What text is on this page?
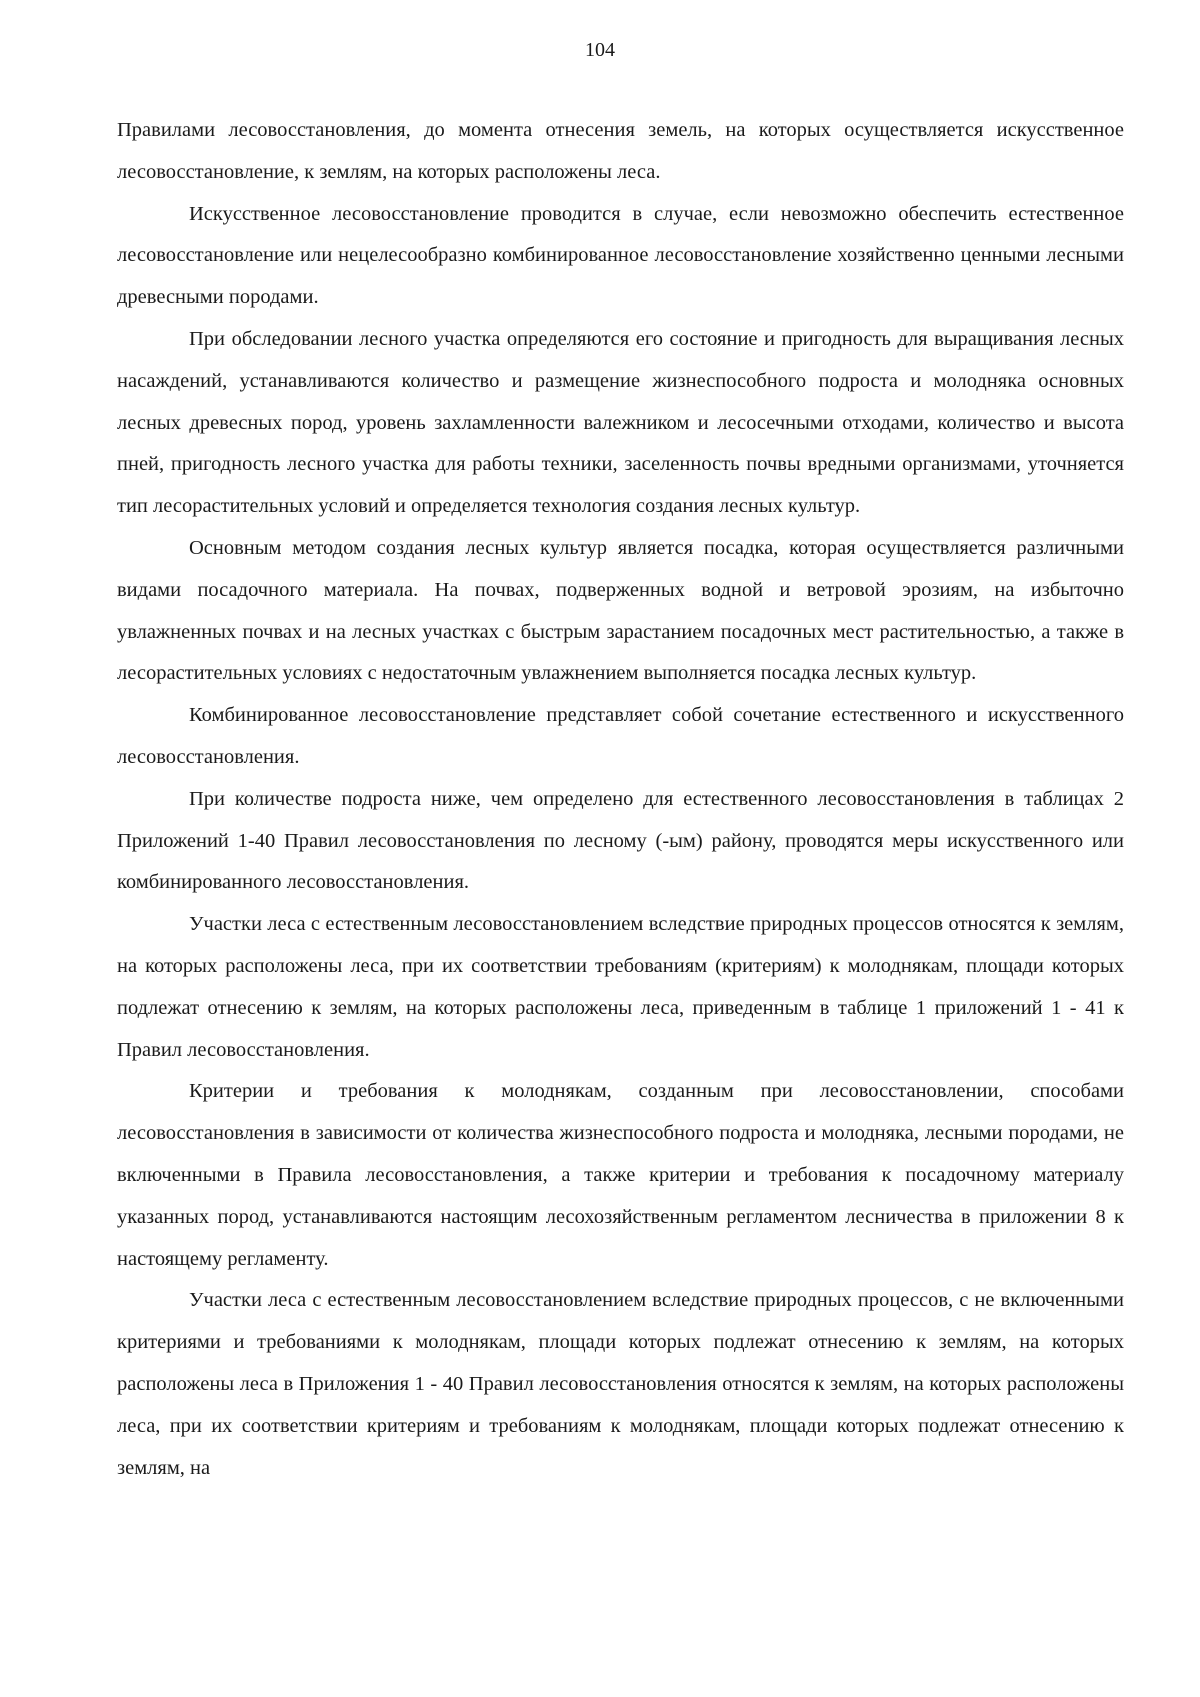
104

Правилами лесовосстановления, до момента отнесения земель, на которых осуществляется искусственное лесовосстановление, к землям, на которых расположены леса.

Искусственное лесовосстановление проводится в случае, если невозможно обеспечить естественное лесовосстановление или нецелесообразно комбинированное лесовосстановление хозяйственно ценными лесными древесными породами.

При обследовании лесного участка определяются его состояние и пригодность для выращивания лесных насаждений, устанавливаются количество и размещение жизнеспособного подроста и молодняка основных лесных древесных пород, уровень захламленности валежником и лесосечными отходами, количество и высота пней, пригодность лесного участка для работы техники, заселенность почвы вредными организмами, уточняется тип лесорастительных условий и определяется технология создания лесных культур.

Основным методом создания лесных культур является посадка, которая осуществляется различными видами посадочного материала. На почвах, подверженных водной и ветровой эрозиям, на избыточно увлажненных почвах и на лесных участках с быстрым зарастанием посадочных мест растительностью, а также в лесорастительных условиях с недостаточным увлажнением выполняется посадка лесных культур.

Комбинированное лесовосстановление представляет собой сочетание естественного и искусственного лесовосстановления.

При количестве подроста ниже, чем определено для естественного лесовосстановления в таблицах 2 Приложений 1-40 Правил лесовосстановления по лесному (-ым) району, проводятся меры искусственного или комбинированного лесовосстановления.

Участки леса с естественным лесовосстановлением вследствие природных процессов относятся к землям, на которых расположены леса, при их соответствии требованиям (критериям) к молоднякам, площади которых подлежат отнесению к землям, на которых расположены леса, приведенным в таблице 1 приложений 1 - 41 к Правил лесовосстановления.

Критерии и требования к молоднякам, созданным при лесовосстановлении, способами лесовосстановления в зависимости от количества жизнеспособного подроста и молодняка, лесными породами, не включенными в Правила лесовосстановления, а также критерии и требования к посадочному материалу указанных пород, устанавливаются настоящим лесохозяйственным регламентом лесничества в приложении 8 к настоящему регламенту.

Участки леса с естественным лесовосстановлением вследствие природных процессов, с не включенными критериями и требованиями к молоднякам, площади которых подлежат отнесению к землям, на которых расположены леса в Приложения 1 - 40 Правил лесовосстановления относятся к землям, на которых расположены леса, при их соответствии критериям и требованиям к молоднякам, площади которых подлежат отнесению к землям, на
